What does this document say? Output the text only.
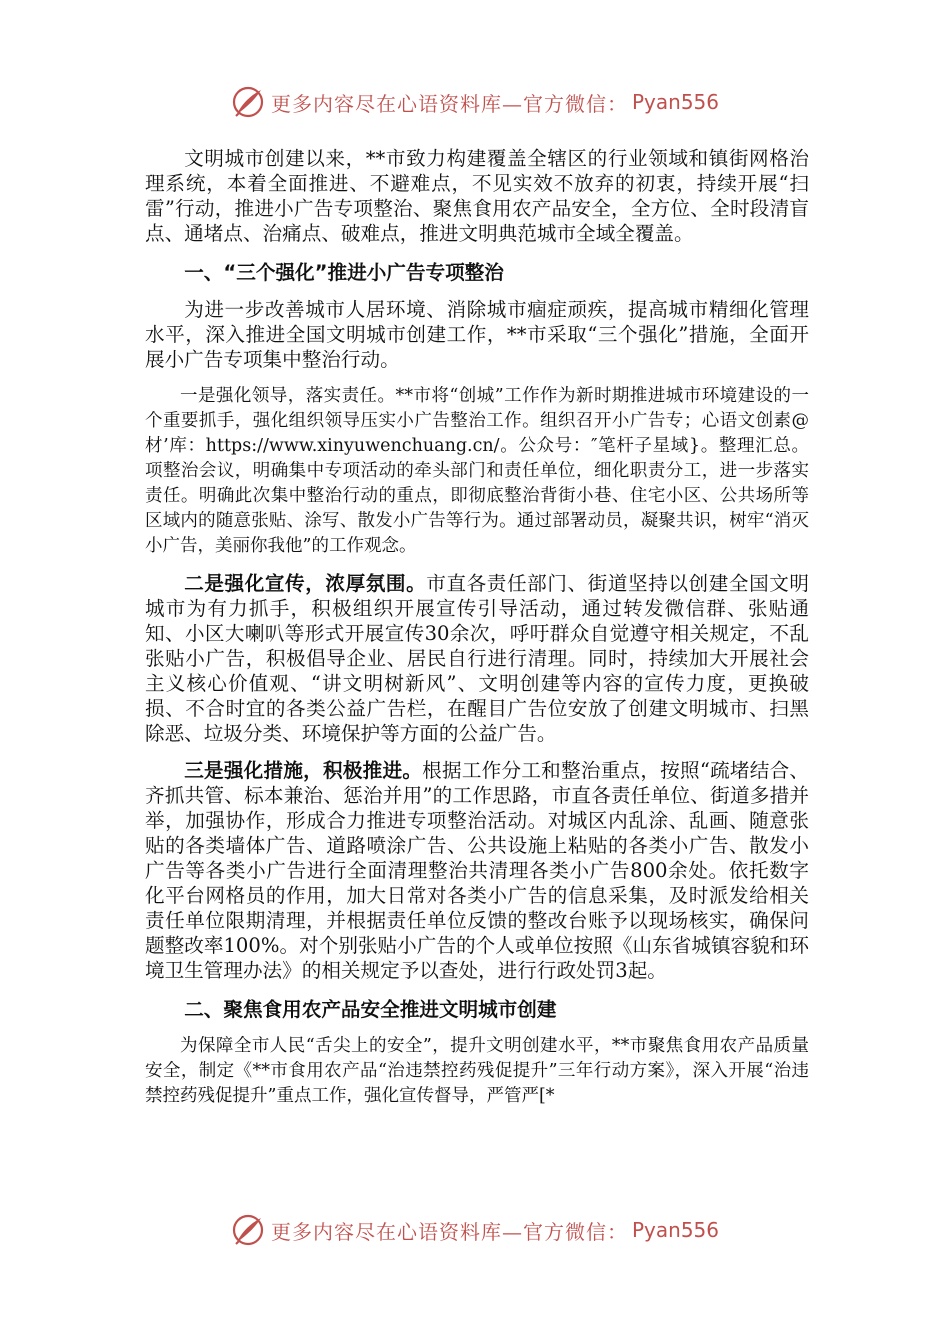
更多内容尽在心语资料库—官方微信： Pyan556

文明城市创建以来，**市致力构建覆盖全辖区的行业领域和镇街网格治理系统，本着全面推进、不避难点，不见实效不放弃的初衷，持续开展“扫雷”行动，推进小广告专项整治、聚焦食用农产品安全，全方位、全时段清盲点、通堵点、治痛点、破难点，推进文明典范城市全域全覆盖。

一、“三个强化”推进小广告专项整治

为进一步改善城市人居环境、消除城市痼症顽疾，提高城市精细化管理水平，深入推进全国文明城市创建工作，**市采取“三个强化”措施，全面开展小广告专项集中整治行动。

一是强化领导，落实责任。**市将“创城”工作作为新时期推进城市环境建设的一个重要抓手，强化组织领导压实小广告整治工作。组织召开小广告专；心语文创素@材’库：https://www.xinyuwenchuang.cn/。公众号：″笔杆子星域}。整理汇总。项整治会议，明确集中专项活动的牵头部门和责任单位，细化职责分工，进一步落实责任。明确此次集中整治行动的重点，即彻底整治背街小巷、住宅小区、公共场所等区域内的随意张贴、涂写、散发小广告等行为。通过部署动员，凝聚共识，树牢“消灭小广告，美丽你我他”的工作观念。

二是强化宣传，浓厚氛围。市直各责任部门、街道坚持以创建全国文明城市为有力抓手，积极组织开展宣传引导活动，通过转发微信群、张贴通知、小区大喇叭等形式开展宣传30余次，呼吁群众自觉遵守相关规定，不乱张贴小广告，积极倡导企业、居民自行进行清理。同时，持续加大开展社会主义核心价值观、“讲文明树新风”、文明创建等内容的宣传力度，更换破损、不合时宜的各类公益广告栏，在醒目广告位安放了创建文明城市、扫黑除恶、垃圾分类、环境保护等方面的公益广告。

三是强化措施，积极推进。根据工作分工和整治重点，按照“疏堵结合、齐抓共管、标本兼治、惩治并用”的工作思路，市直各责任单位、街道多措并举，加强协作，形成合力推进专项整治活动。对城区内乱涂、乱画、随意张贴的各类墙体广告、道路喷涂广告、公共设施上粘贴的各类小广告、散发小广告等各类小广告进行全面清理整治共清理各类小广告800余处。依托数字化平台网格员的作用，加大日常对各类小广告的信息采集，及时派发给相关责任单位限期清理，并根据责任单位反馈的整改台账予以现场核实，确保问题整改率100%。对个别张贴小广告的个人或单位按照《山东省城镇容貌和环境卫生管理办法》的相关规定予以查处，进行行政处罚3起。

二、聚焦食用农产品安全推进文明城市创建

为保障全市人民“舌尖上的安全”，提升文明创建水平，**市聚焦食用农产品质量安全，制定《**市食用农产品“治违禁控药残促提升”三年行动方案》，深入开展“治违禁控药残促提升”重点工作，强化宣传督导，严管严[*

更多内容尽在心语资料库—官方微信： Pyan556
